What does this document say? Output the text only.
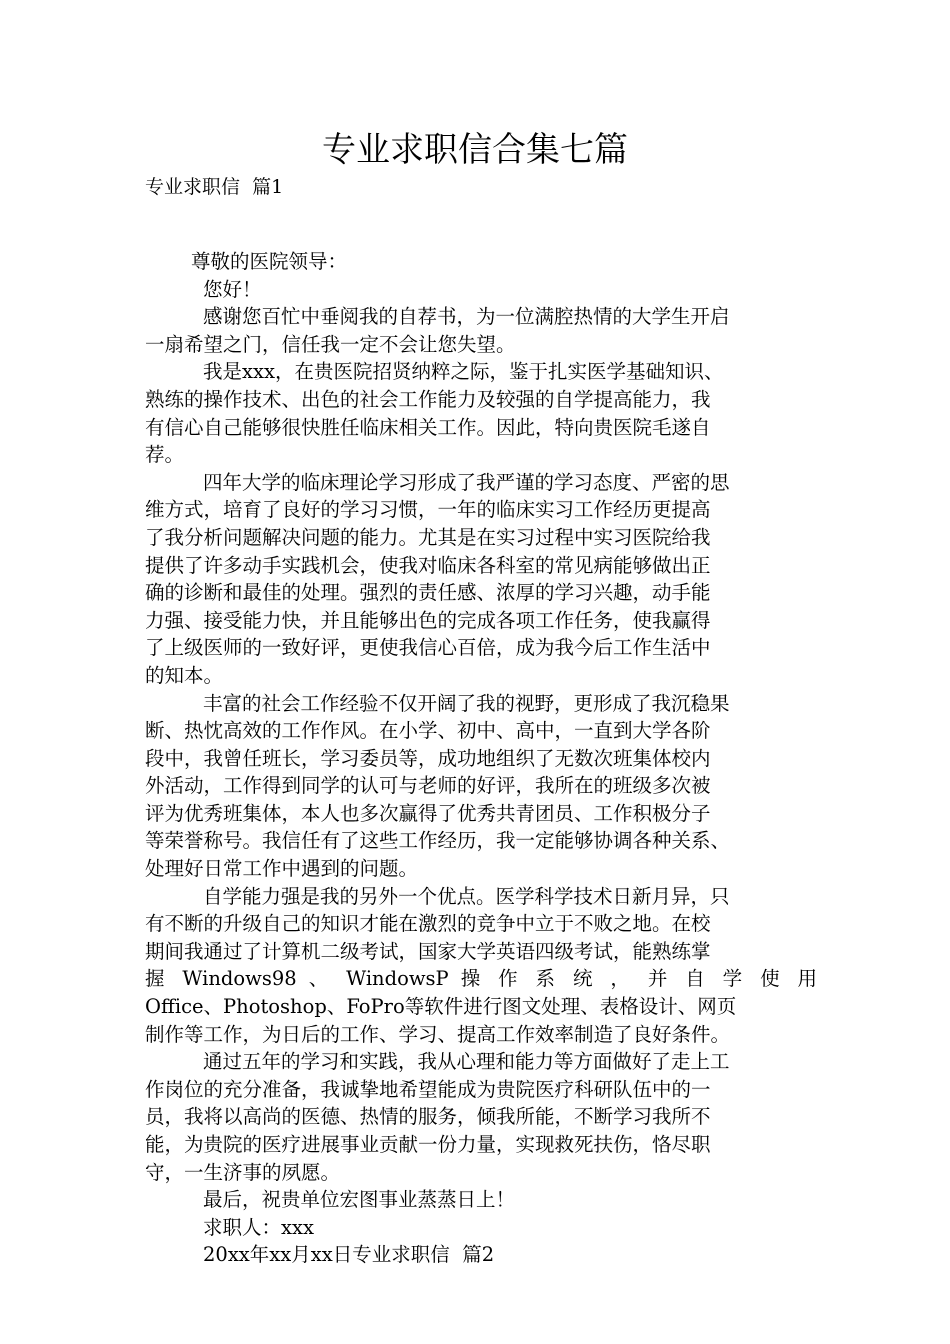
专业求职信合集七篇
专业求职信  篇1
尊敬的医院领导：
您好！
感谢您百忙中垂阅我的自荐书，为一位满腔热情的大学生开启
一扇希望之门，信任我一定不会让您失望。
我是xxx，在贵医院招贤纳粹之际，鉴于扎实医学基础知识、
熟练的操作技术、出色的社会工作能力及较强的自学提高能力，我
有信心自己能够很快胜任临床相关工作。因此，特向贵医院毛遂自
荐。
四年大学的临床理论学习形成了我严谨的学习态度、严密的思
维方式，培育了良好的学习习惯，一年的临床实习工作经历更提高
了我分析问题解决问题的能力。尤其是在实习过程中实习医院给我
提供了许多动手实践机会，使我对临床各科室的常见病能够做出正
确的诊断和最佳的处理。强烈的责任感、浓厚的学习兴趣，动手能
力强、接受能力快，并且能够出色的完成各项工作任务，使我赢得
了上级医师的一致好评，更使我信心百倍，成为我今后工作生活中
的知本。
丰富的社会工作经验不仅开阔了我的视野，更形成了我沉稳果
断、热忱高效的工作作风。在小学、初中、高中，一直到大学各阶
段中，我曾任班长，学习委员等，成功地组织了无数次班集体校内
外活动，工作得到同学的认可与老师的好评，我所在的班级多次被
评为优秀班集体，本人也多次赢得了优秀共青团员、工作积极分子
等荣誉称号。我信任有了这些工作经历，我一定能够协调各种关系、
处理好日常工作中遇到的问题。
自学能力强是我的另外一个优点。医学科学技术日新月异，只
有不断的升级自己的知识才能在激烈的竞争中立于不败之地。在校
期间我通过了计算机二级考试，国家大学英语四级考试，能熟练掌
握 Windows98 、 WindowsP 操 作 系 统 ， 并 自 学 使 用
Office、Photoshop、FoPro等软件进行图文处理、表格设计、网页
制作等工作，为日后的工作、学习、提高工作效率制造了良好条件。
通过五年的学习和实践，我从心理和能力等方面做好了走上工
作岗位的充分准备，我诚挚地希望能成为贵院医疗科研队伍中的一
员，我将以高尚的医德、热情的服务，倾我所能，不断学习我所不
能，为贵院的医疗进展事业贡献一份力量，实现救死扶伤，恪尽职
守，一生济事的夙愿。
最后，祝贵单位宏图事业蒸蒸日上！
求职人：xxx
20xx年xx月xx日专业求职信  篇2
